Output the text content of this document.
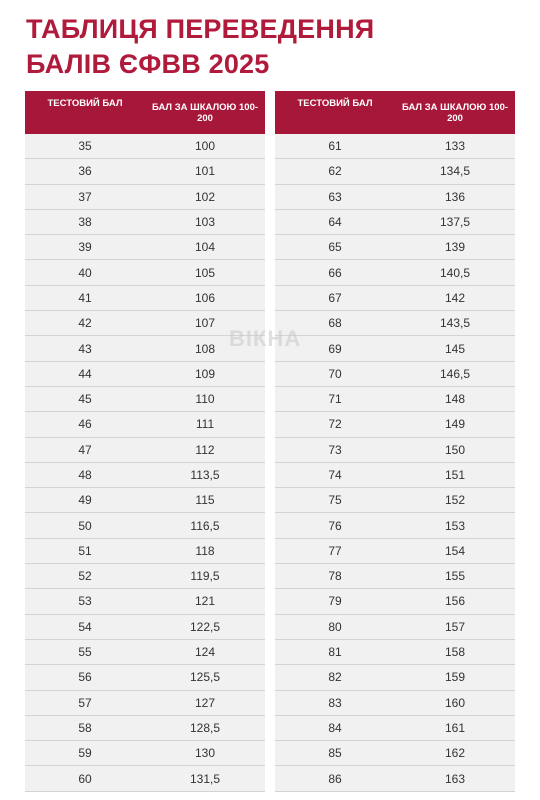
ТАБЛИЦЯ ПЕРЕВЕДЕННЯ
БАЛІВ ЄФВВ 2025
ТЕСТОВИЙ БАЛ	БАЛ ЗА ШКАЛОЮ 100-200
35	100
36	101
37	102
38	103
39	104
40	105
41	106
42	107
43	108
44	109
45	110
46	111
47	112
48	113,5
49	115
50	116,5
51	118
52	119,5
53	121
54	122,5
55	124
56	125,5
57	127
58	128,5
59	130
60	131,5
ТЕСТОВИЙ БАЛ	БАЛ ЗА ШКАЛОЮ 100-200
61	133
62	134,5
63	136
64	137,5
65	139
66	140,5
67	142
68	143,5
69	145
70	146,5
71	148
72	149
73	150
74	151
75	152
76	153
77	154
78	155
79	156
80	157
81	158
82	159
83	160
84	161
85	162
86	163
ВІКНА
